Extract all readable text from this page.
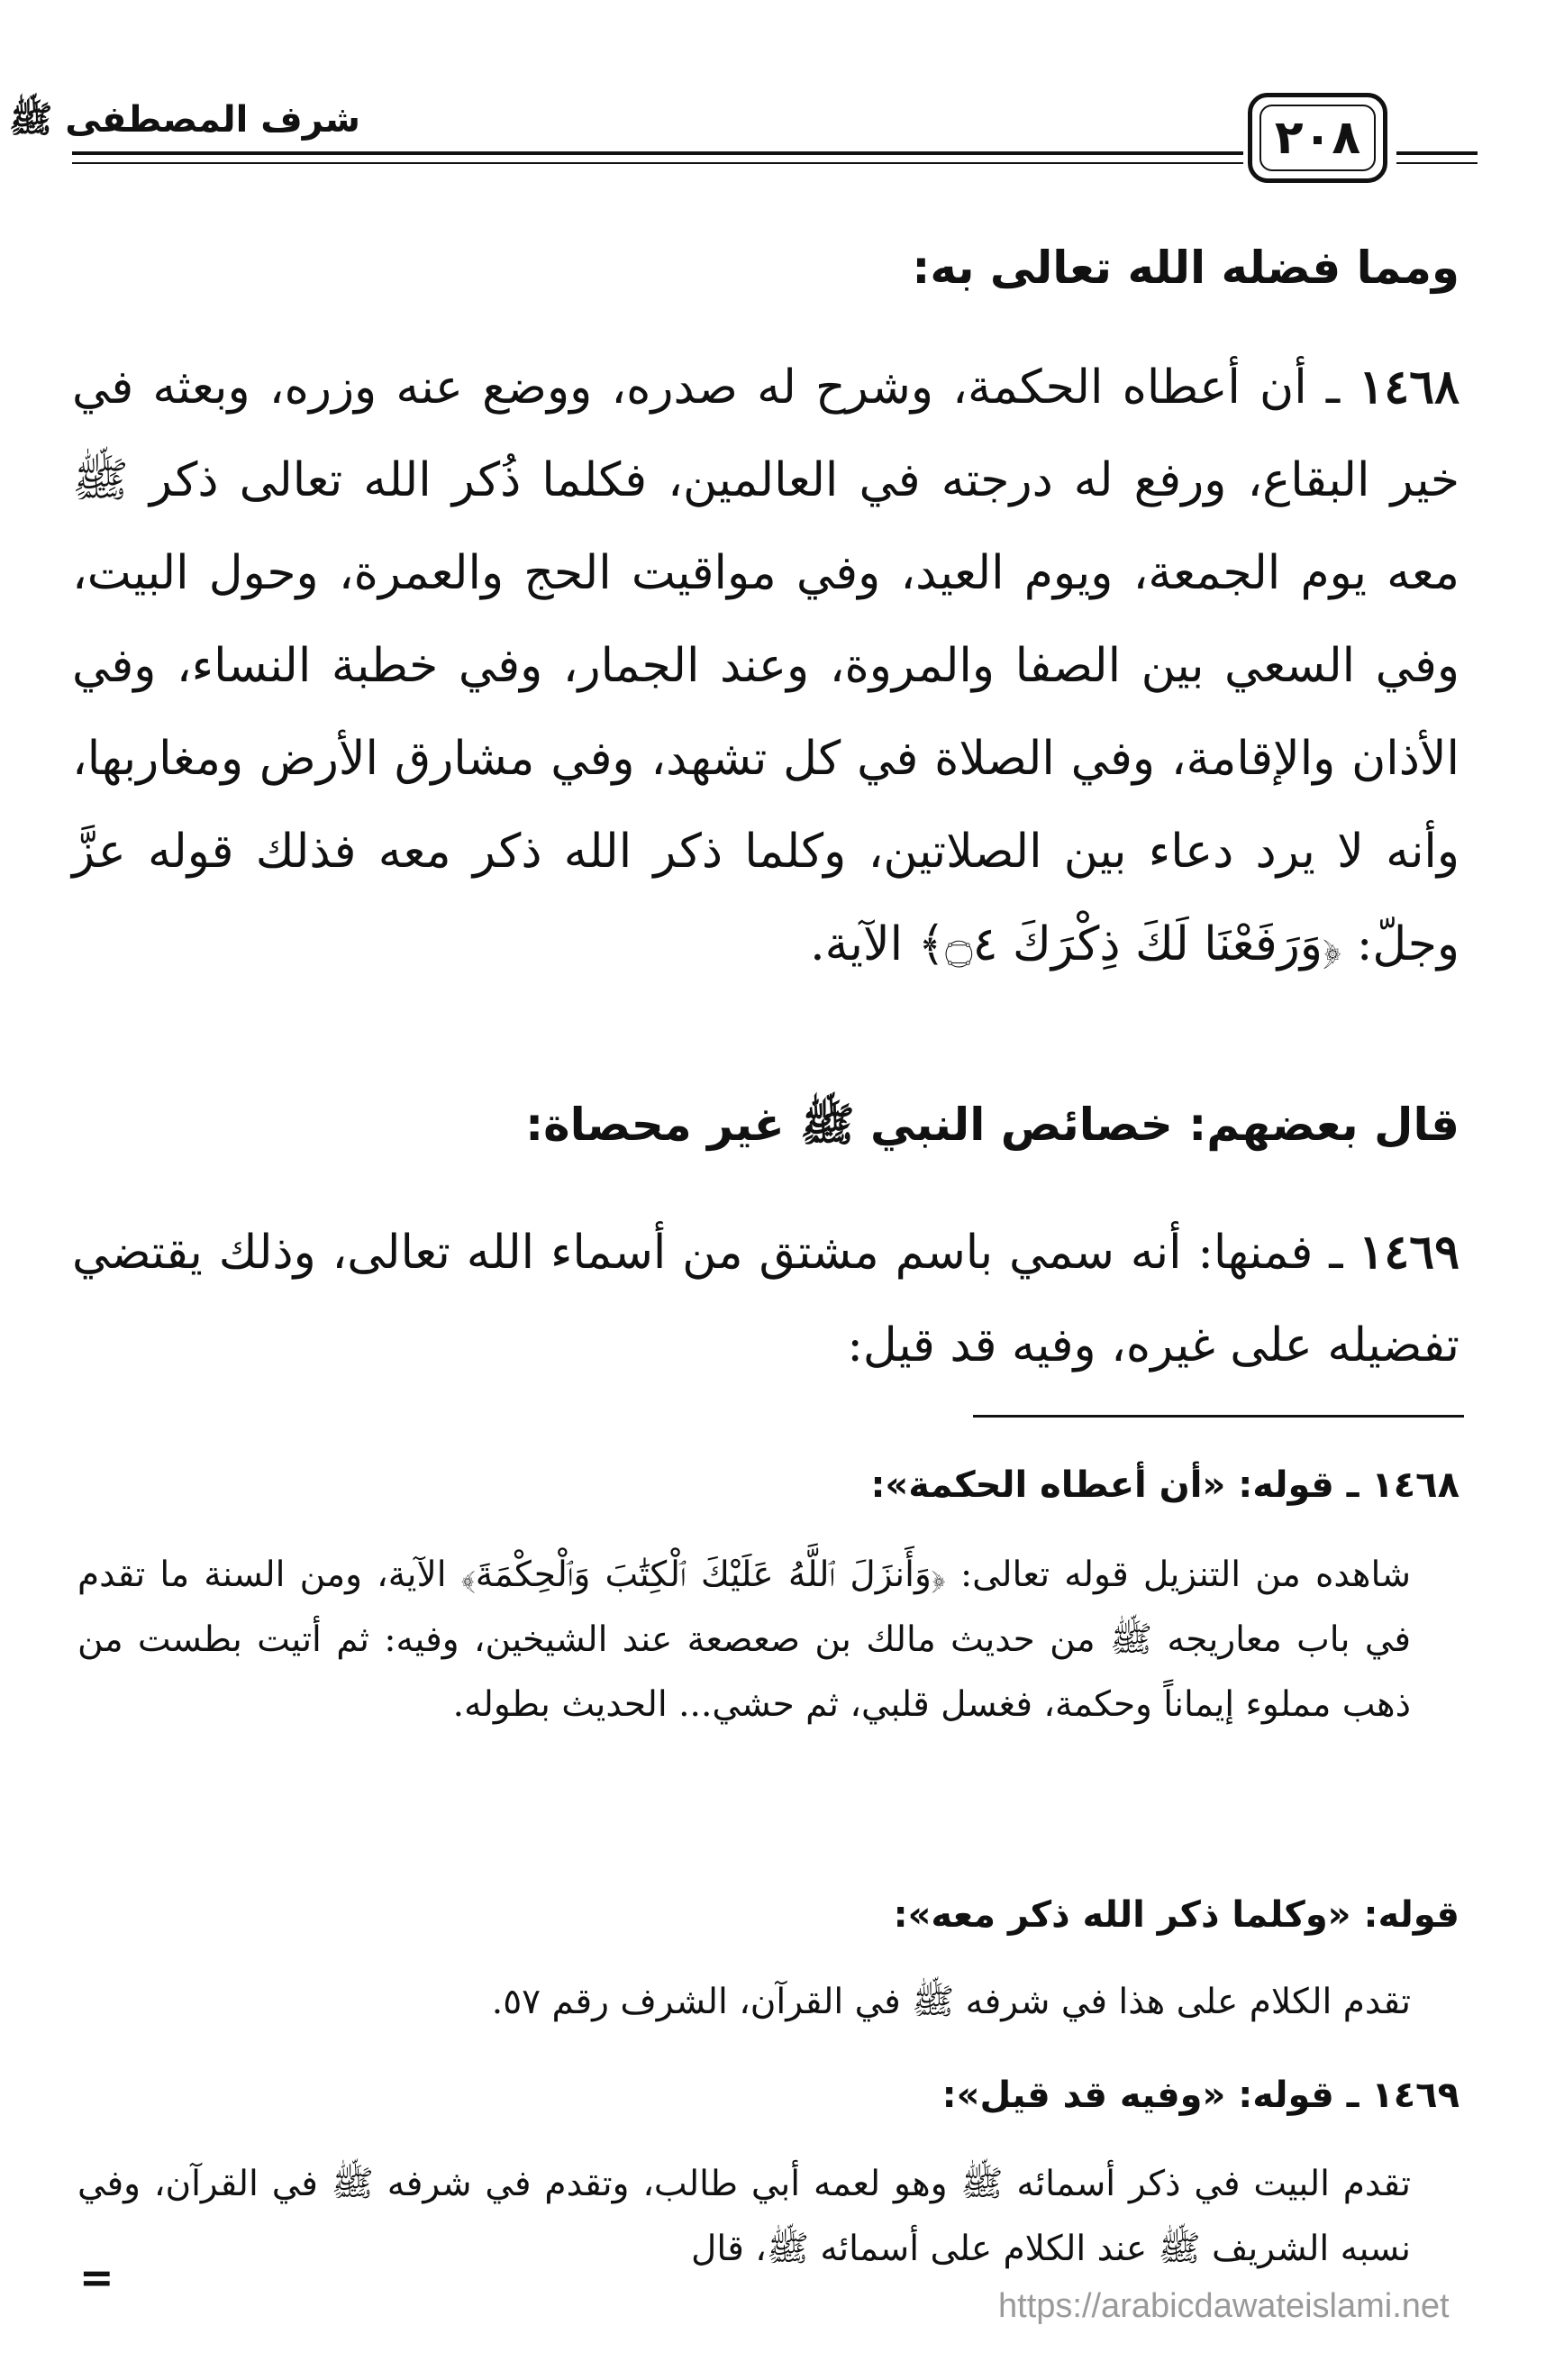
شرف المصطفى ﷺ	٢٠٨
ومما فضله الله تعالى به:
١٤٦٨ ـ أن أعطاه الحكمة، وشرح له صدره، ووضع عنه وزره، وبعثه في خير البقاع، ورفع له درجته في العالمين، فكلما ذُكر الله تعالى ذكر ﷺ معه يوم الجمعة، ويوم العيد، وفي مواقيت الحج والعمرة، وحول البيت، وفي السعي بين الصفا والمروة، وعند الجمار، وفي خطبة النساء، وفي الأذان والإقامة، وفي الصلاة في كل تشهد، وفي مشارق الأرض ومغاربها، وأنه لا يرد دعاء بين الصلاتين، وكلما ذكر الله ذكر معه فذلك قوله عزَّ وجلّ: ﴿وَرَفَعْنَا لَكَ ذِكْرَكَ ۝٤﴾ الآية.
قال بعضهم: خصائص النبي ﷺ غير محصاة:
١٤٦٩ ـ فمنها: أنه سمي باسم مشتق من أسماء الله تعالى، وذلك يقتضي تفضيله على غيره، وفيه قد قيل:
١٤٦٨ ـ قوله: «أن أعطاه الحكمة»:
شاهده من التنزيل قوله تعالى: ﴿وَأَنزَلَ ٱللَّهُ عَلَيْكَ ٱلْكِتَٰبَ وَٱلْحِكْمَةَ﴾ الآية، ومن السنة ما تقدم في باب معاريجه ﷺ من حديث مالك بن صعصعة عند الشيخين، وفيه: ثم أتيت بطست من ذهب مملوء إيماناً وحكمة، فغسل قلبي، ثم حشي... الحديث بطوله.
قوله: «وكلما ذكر الله ذكر معه»:
تقدم الكلام على هذا في شرفه ﷺ في القرآن، الشرف رقم ٥٧.
١٤٦٩ ـ قوله: «وفيه قد قيل»:
تقدم البيت في ذكر أسمائه ﷺ وهو لعمه أبي طالب، وتقدم في شرفه ﷺ في القرآن، وفي نسبه الشريف ﷺ عند الكلام على أسمائه ﷺ، قال
=
https://arabicdawateislami.net
